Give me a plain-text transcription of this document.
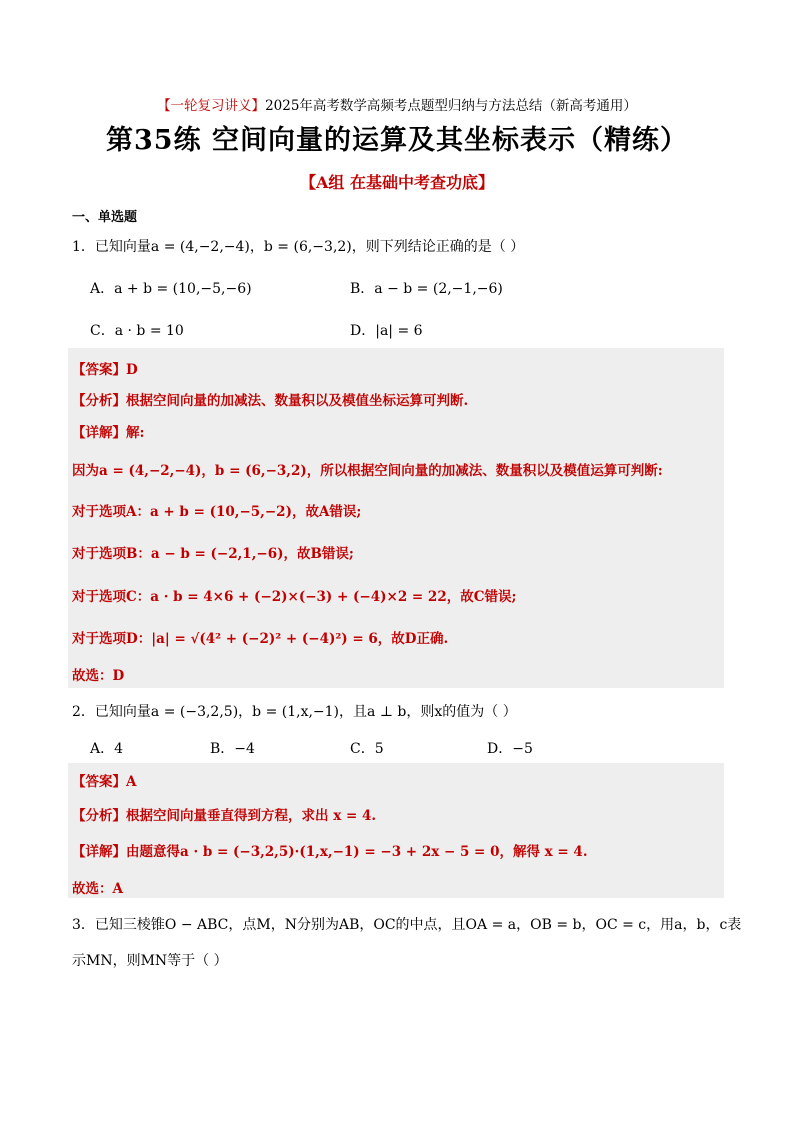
【一轮复习讲义】2025年高考数学高频考点题型归纳与方法总结（新高考通用）
第35练 空间向量的运算及其坐标表示（精练）
【A组 在基础中考查功底】
一、单选题
1．已知向量a = (4,−2,−4)，b = (6,−3,2)，则下列结论正确的是（ ）
A．a + b = (10,−5,−6)	B．a − b = (2,−1,−6)
C．a · b = 10	D．|a| = 6
【答案】D
【分析】根据空间向量的加减法、数量积以及模值坐标运算可判断.
【详解】解:
因为a = (4,−2,−4)，b = (6,−3,2)，所以根据空间向量的加减法、数量积以及模值运算可判断:
对于选项A：a + b = (10,−5,−2)，故A错误;
对于选项B：a − b = (−2,1,−6)，故B错误;
对于选项C：a · b = 4×6 + (−2)×(−3) + (−4)×2 = 22，故C错误;
对于选项D：|a| = √(4² + (−2)² + (−4)²) = 6，故D正确.
故选：D
2．已知向量a = (−3,2,5)，b = (1,x,−1)，且a ⊥ b，则x的值为（ ）
A．4	B．−4	C．5	D．−5
【答案】A
【分析】根据空间向量垂直得到方程，求出 x = 4.
【详解】由题意得a · b = (−3,2,5)·(1,x,−1) = −3 + 2x − 5 = 0，解得 x = 4.
故选：A
3．已知三棱锥O − ABC，点M，N分别为AB，OC的中点，且OA = a，OB = b，OC = c，用a，b，c表
示MN，则MN等于（ ）
